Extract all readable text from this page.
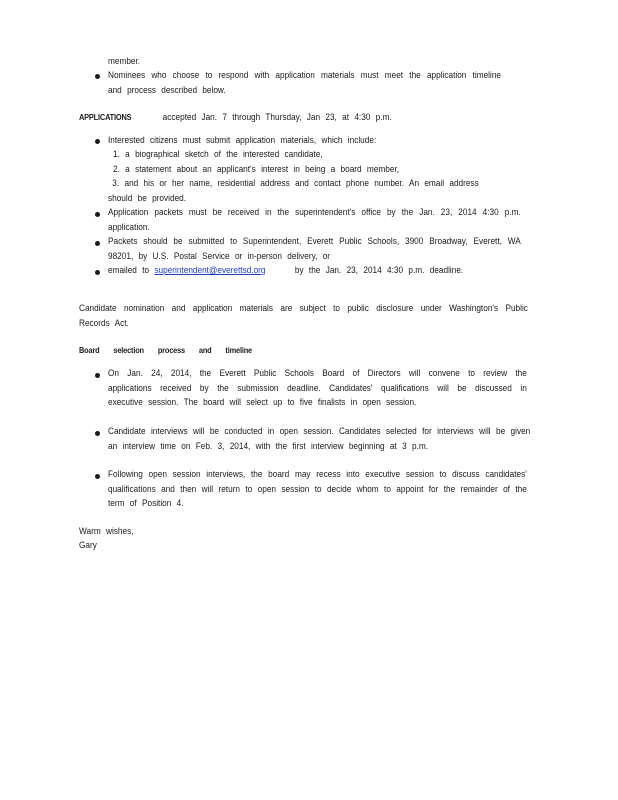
member.
Nominees who choose to respond with application materials must meet the application timeline and process described below.
APPLICATIONS	accepted Jan. 7 through Thursday, Jan 23, at 4:30 p.m.
Interested citizens must submit application materials, which include:
1. a biographical sketch of the interested candidate,
2. a statement about an applicant's interest in being a board member,
3. and his or her name, residential address and contact phone number. An email address should be provided.
Application packets must be received in the superintendent's office by the Jan. 23, 2014 4:30 p.m. application.
Packets should be submitted to Superintendent, Everett Public Schools, 3900 Broadway, Everett, WA 98201, by U.S. Postal Service or in-person delivery, or
emailed to superintendent@everettsd.org	by the Jan. 23, 2014 4:30 p.m. deadline.
Candidate nomination and application materials are subject to public disclosure under Washington's Public Records Act.
Board selection process and timeline
On Jan. 24, 2014, the Everett Public Schools Board of Directors will convene to review the applications received by the submission deadline. Candidates' qualifications will be discussed in executive session. The board will select up to five finalists in open session.
Candidate interviews will be conducted in open session. Candidates selected for interviews will be given an interview time on Feb. 3, 2014, with the first interview beginning at 3 p.m.
Following open session interviews, the board may recess into executive session to discuss candidates' qualifications and then will return to open session to decide whom to appoint for the remainder of the term of Position 4.
Warm wishes,
Gary
